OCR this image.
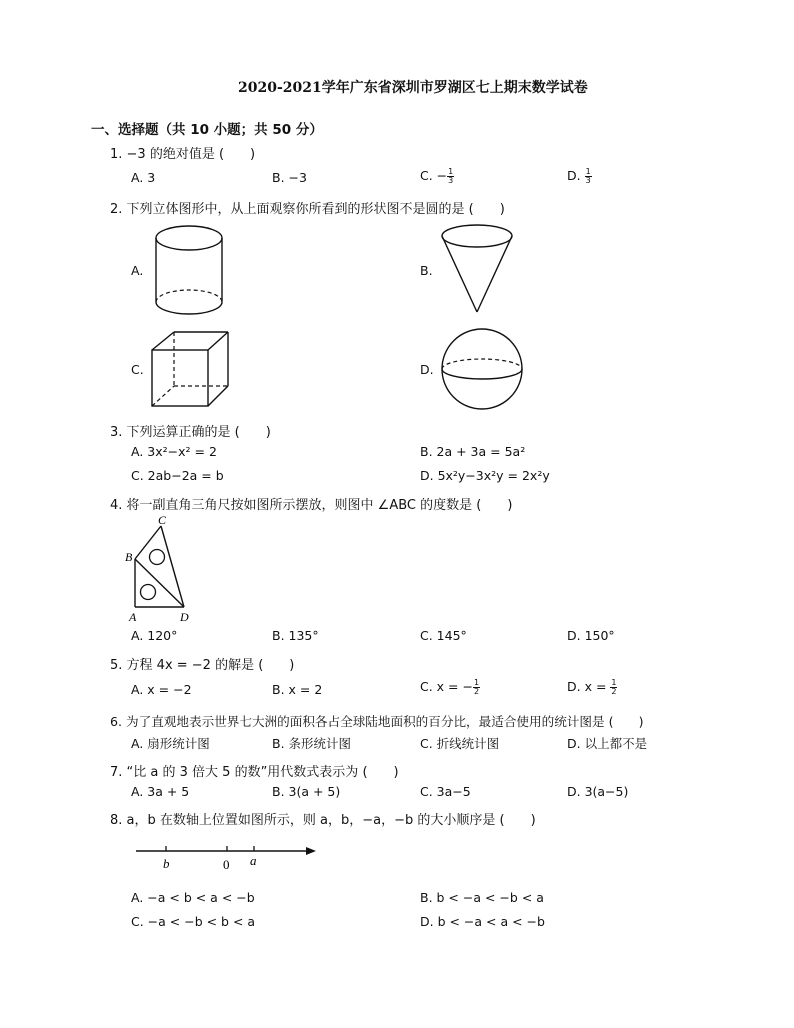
2020-2021学年广东省深圳市罗湖区七上期末数学试卷
一、选择题（共 10 小题；共 50 分）
1. −3 的绝对值是 (　　)
A. 3	B. −3	C. − $\frac{1}{3}$	D. $\frac{1}{3}$
2. 下列立体图形中，从上面观察你所看到的形状图不是圆的是 (　　)
A.	B.
C.	D.
3. 下列运算正确的是 (　　)
A. 3x²−x² = 2	B. 2a + 3a = 5a²
C. 2ab−2a = b	D. 5x²y−3x²y = 2x²y
4. 将一副直角三角尺按如图所示摆放，则图中 ∠ABC 的度数是 (　　)
C
B
A	D
A. 120°	B. 135°	C. 145°	D. 150°
5. 方程 4x = −2 的解是 (　　)
A. x = −2	B. x = 2	C. x = − $\frac{1}{2}$	D. $x = \frac{1}{2}$
6. 为了直观地表示世界七大洲的面积各占全球陆地面积的百分比，最适合使用的统计图是 (　　)
A. 扇形统计图	B. 条形统计图	C. 折线统计图	D. 以上都不是
7. “比 a 的 3 倍大 5 的数”用代数式表示为 (　　)
A. 3a + 5	B. 3(a + 5)	C. 3a−5	D. 3(a−5)
8. a，b 在数轴上位置如图所示，则 a，b，−a，−b 的大小顺序是 (　　)
b	0 a
A. −a < b < a < −b	B. b < −a < −b < a
C. −a < −b < b < a	D. b < −a < a < −b
